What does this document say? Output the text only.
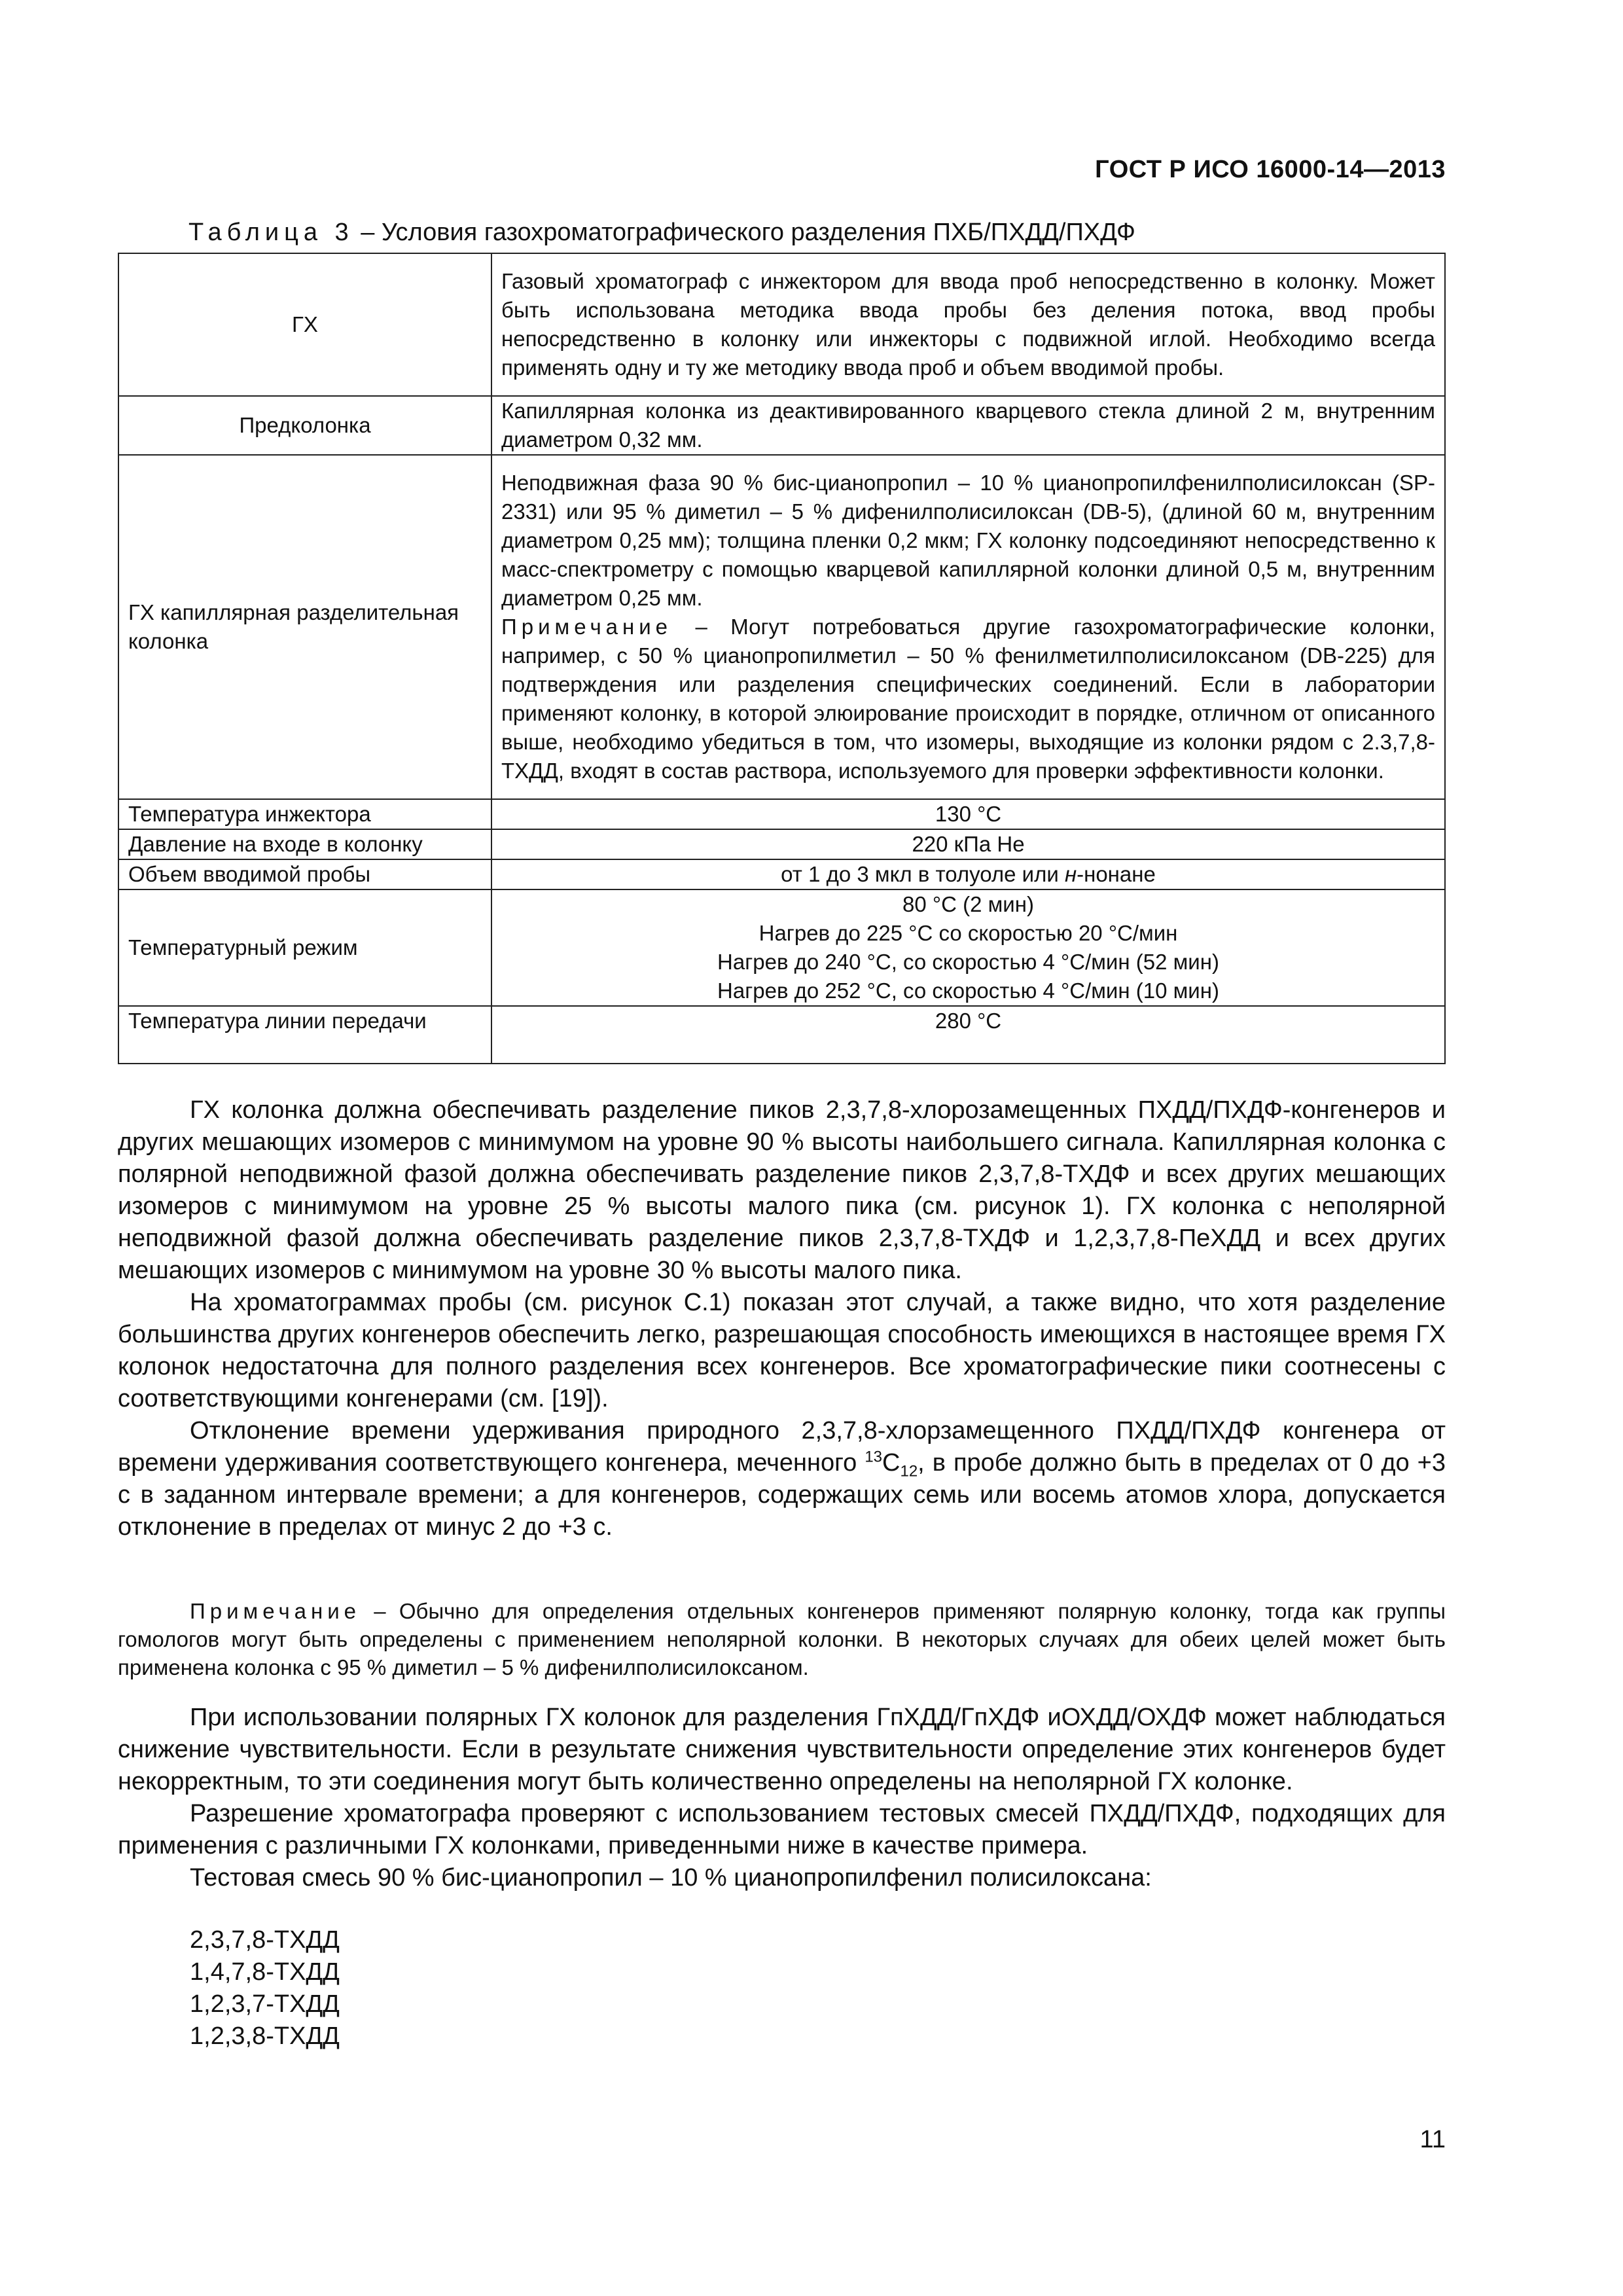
ГОСТ Р ИСО 16000-14—2013
Таблица 3 – Условия газохроматографического разделения ПХБ/ПХДД/ПХДФ
ГХ	Газовый хроматограф с инжектором для ввода проб непосредственно в колонку. Может быть использована методика ввода пробы без деления потока, ввод пробы непосредственно в колонку или инжекторы с подвижной иглой. Необходимо всегда применять одну и ту же методику ввода проб и объем вводимой пробы.
Предколонка	Капиллярная колонка из деактивированного кварцевого стекла длиной 2 м, внутренним диаметром 0,32 мм.
ГХ капиллярная разделительная колонка	Неподвижная фаза 90 % бис-цианопропил – 10 % цианопропилфенилполисилоксан (SP-2331) или 95 % диметил – 5 % дифенилполисилоксан (DB-5), (длиной 60 м, внутренним диаметром 0,25 мм); толщина пленки 0,2 мкм; ГХ колонку подсоединяют непосредственно к масс-спектрометру с помощью кварцевой капиллярной колонки длиной 0,5 м, внутренним диаметром 0,25 мм.
Примечание – Могут потребоваться другие газохроматографические колонки, например, с 50 % цианопропилметил – 50 % фенилметилполисилоксаном (DB-225) для подтверждения или разделения специфических соединений. Если в лаборатории применяют колонку, в которой элюирование происходит в порядке, отличном от описанного выше, необходимо убедиться в том, что изомеры, выходящие из колонки рядом с 2.3,7,8-ТХДД, входят в состав раствора, используемого для проверки эффективности колонки.

Температура инжектора	130 °С
Давление на входе в колонку	220 кПа Не
Объем вводимой пробы	от 1 до 3 мкл в толуоле или н-нонане
Температурный режим	80 °С (2 мин)
Нагрев до 225 °С со скоростью 20 °С/мин
Нагрев до 240 °С, со скоростью 4 °С/мин (52 мин)
Нагрев до 252 °С, со скоростью 4 °С/мин (10 мин)

Температура линии передачи	280 °С

ГХ колонка должна обеспечивать разделение пиков 2,3,7,8-хлорозамещенных ПХДД/ПХДФ-конгенеров и других мешающих изомеров с минимумом на уровне 90 % высоты наибольшего сигнала. Капиллярная колонка с полярной неподвижной фазой должна обеспечивать разделение пиков 2,3,7,8-ТХДФ и всех других мешающих изомеров с минимумом на уровне 25 % высоты малого пика (см. рисунок 1). ГХ колонка с неполярной неподвижной фазой должна обеспечивать разделение пиков 2,3,7,8-ТХДФ и 1,2,3,7,8-ПеХДД и всех других мешающих изомеров с минимумом на уровне 30 % высоты малого пика.

На хроматограммах пробы (см. рисунок С.1) показан этот случай, а также видно, что хотя разделение большинства других конгенеров обеспечить легко, разрешающая способность имеющихся в настоящее время ГХ колонок недостаточна для полного разделения всех конгенеров. Все хроматографические пики соотнесены с соответствующими конгенерами (см. [19]).

Отклонение времени удерживания природного 2,3,7,8-хлорзамещенного ПХДД/ПХДФ конгенера от времени удерживания соответствующего конгенера, меченного $^{13}С_{12}$, в пробе должно быть в пределах от 0 до +3 с в заданном интервале времени; а для конгенеров, содержащих семь или восемь атомов хлора, допускается отклонение в пределах от минус 2 до +3 с.

Примечание – Обычно для определения отдельных конгенеров применяют полярную колонку, тогда как группы гомологов могут быть определены с применением неполярной колонки. В некоторых случаях для обеих целей может быть применена колонка с 95 % диметил – 5 % дифенилполисилоксаном.

При использовании полярных ГХ колонок для разделения ГпХДД/ГпХДФ иОХДД/ОХДФ может наблюдаться снижение чувствительности. Если в результате снижения чувствительности определение этих конгенеров будет некорректным, то эти соединения могут быть количественно определены на неполярной ГХ колонке.

Разрешение хроматографа проверяют с использованием тестовых смесей ПХДД/ПХДФ, подходящих для применения с различными ГХ колонками, приведенными ниже в качестве примера.

Тестовая смесь 90 % бис-цианопропил – 10 % цианопропилфенил полисилоксана:

2,3,7,8-ТХДД
1,4,7,8-ТХДД
1,2,3,7-ТХДД
1,2,3,8-ТХДД
11
